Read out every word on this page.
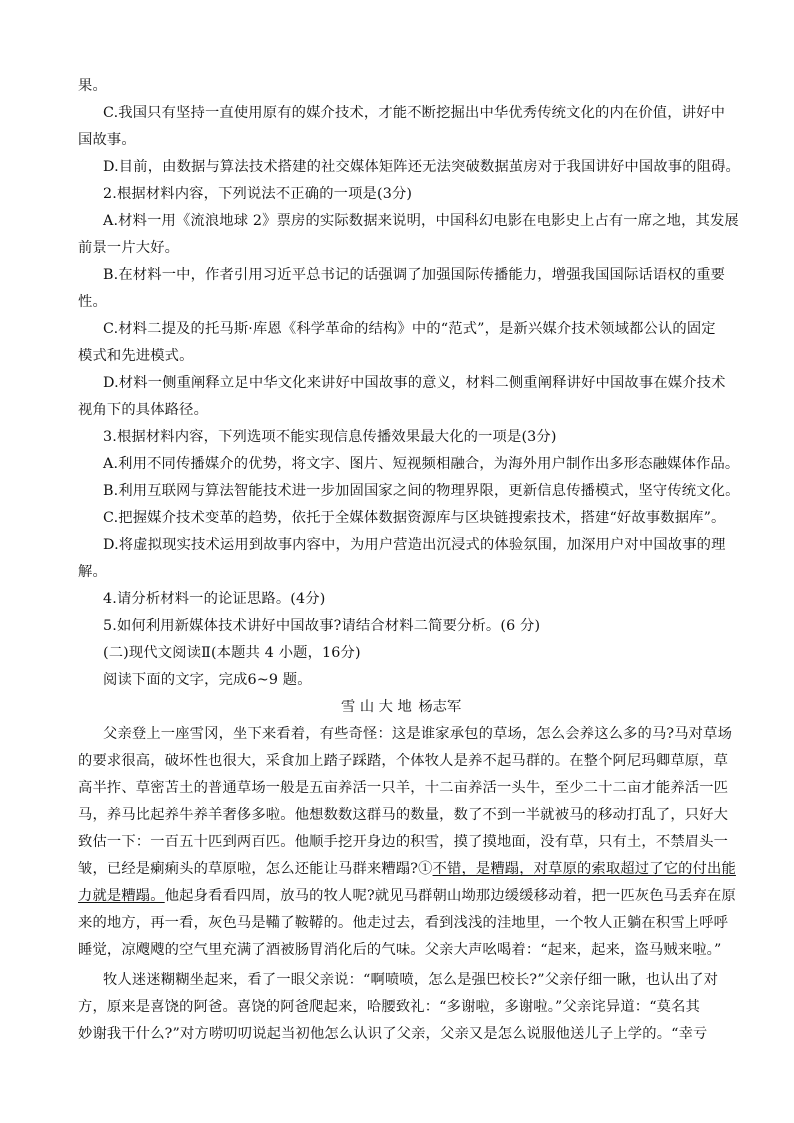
果。
C.我国只有坚持一直使用原有的媒介技术，才能不断挖掘出中华优秀传统文化的内在价值，讲好中
国故事。
D.目前，由数据与算法技术搭建的社交媒体矩阵还无法突破数据茧房对于我国讲好中国故事的阻碍。
2.根据材料内容，下列说法不正确的一项是(3分)
A.材料一用《流浪地球 2》票房的实际数据来说明，中国科幻电影在电影史上占有一席之地，其发展
前景一片大好。
B.在材料一中，作者引用习近平总书记的话强调了加强国际传播能力，增强我国国际话语权的重要
性。
C.材料二提及的托马斯·库恩《科学革命的结构》中的“范式”，是新兴媒介技术领域都公认的固定
模式和先进模式。
D.材料一侧重阐释立足中华文化来讲好中国故事的意义，材料二侧重阐释讲好中国故事在媒介技术
视角下的具体路径。
3.根据材料内容，下列选项不能实现信息传播效果最大化的一项是(3分)
A.利用不同传播媒介的优势，将文字、图片、短视频相融合，为海外用户制作出多形态融媒体作品。
B.利用互联网与算法智能技术进一步加固国家之间的物理界限，更新信息传播模式，坚守传统文化。
C.把握媒介技术变革的趋势，依托于全媒体数据资源库与区块链搜索技术，搭建“好故事数据库”。
D.将虚拟现实技术运用到故事内容中，为用户营造出沉浸式的体验氛围，加深用户对中国故事的理
解。
4.请分析材料一的论证思路。(4分)
5.如何利用新媒体技术讲好中国故事?请结合材料二简要分析。(6 分)
(二)现代文阅读Ⅱ(本题共 4 小题，16分)
阅读下面的文字，完成6~9 题。
雪 山 大 地 杨志军
父亲登上一座雪冈，坐下来看着，有些奇怪：这是谁家承包的草场，怎么会养这么多的马?马对草场
的要求很高，破坏性也很大，采食加上踏子踩踏，个体牧人是养不起马群的。在整个阿尼玛卿草原，草
高半拃、草密苫土的普通草场一般是五亩养活一只羊，十二亩养活一头牛，至少二十二亩才能养活一匹
马，养马比起养牛养羊奢侈多啦。他想数数这群马的数量，数了不到一半就被马的移动打乱了，只好大
致估一下：一百五十匹到两百匹。他顺手挖开身边的积雪，摸了摸地面，没有草，只有土，不禁眉头一
皱，已经是瘌痢头的草原啦，怎么还能让马群来糟蹋?①不错，是糟蹋，对草原的索取超过了它的付出能
力就是糟蹋。他起身看看四周，放马的牧人呢?就见马群朝山坳那边缓缓移动着，把一匹灰色马丢弃在原
来的地方，再一看，灰色马是鞴了鞍鞯的。他走过去，看到浅浅的洼地里，一个牧人正躺在积雪上呼呼
睡觉，凉飕飕的空气里充满了酒被肠胃消化后的气味。父亲大声吆喝着：“起来，起来，盗马贼来啦。”
牧人迷迷糊糊坐起来，看了一眼父亲说：“啊喷喷，怎么是强巴校长?”父亲仔细一瞅，也认出了对
方，原来是喜饶的阿爸。喜饶的阿爸爬起来，哈腰致礼：“多谢啦，多谢啦。”父亲诧异道：“莫名其
妙谢我干什么?”对方唠叨叨说起当初他怎么认识了父亲，父亲又是怎么说服他送儿子上学的。“幸亏
